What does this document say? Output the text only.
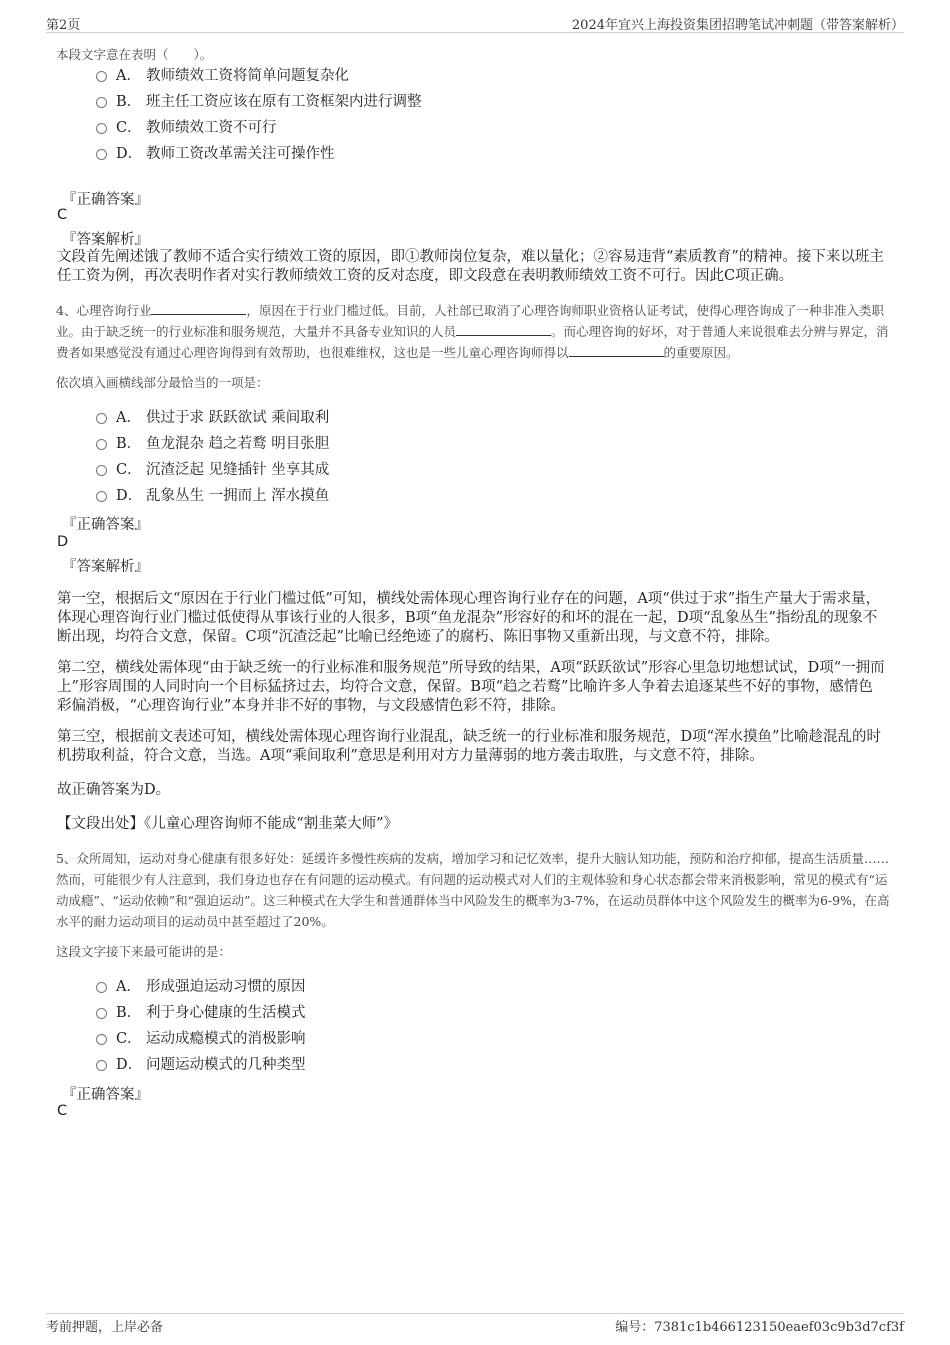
第2页	2024年宜兴上海投资集团招聘笔试冲刺题（带答案解析）
本段文字意在表明（　　）。
A． 教师绩效工资将简单问题复杂化
B． 班主任工资应该在原有工资框架内进行调整
C． 教师绩效工资不可行
D． 教师工资改革需关注可操作性
『正确答案』
C
『答案解析』
文段首先阐述饿了教师不适合实行绩效工资的原因，即①教师岗位复杂，难以量化；②容易违背“素质教育”的精神。接下来以班主任工资为例，再次表明作者对实行教师绩效工资的反对态度，即文段意在表明教师绩效工资不可行。因此C项正确。
4、心理咨询行业	，原因在于行业门槛过低。目前，人社部已取消了心理咨询师职业资格认证考试，使得心理咨询成了一种非准入类职业。由于缺乏统一的行业标准和服务规范，大量并不具备专业知识的人员	。而心理咨询的好坏，对于普通人来说很难去分辨与界定，消费者如果感觉没有通过心理咨询得到有效帮助，也很难维权，这也是一些儿童心理咨询师得以	的重要原因。
依次填入画横线部分最恰当的一项是：
A． 供过于求 跃跃欲试 乘间取利
B． 鱼龙混杂 趋之若鹜 明目张胆
C． 沉渣泛起 见缝插针 坐享其成
D． 乱象丛生 一拥而上 浑水摸鱼
『正确答案』
D
『答案解析』
第一空，根据后文“原因在于行业门槛过低”可知，横线处需体现心理咨询行业存在的问题，A项“供过于求”指生产量大于需求量，体现心理咨询行业门槛过低使得从事该行业的人很多，B项“鱼龙混杂”形容好的和坏的混在一起，D项“乱象丛生”指纷乱的现象不断出现，均符合文意，保留。C项“沉渣泛起”比喻已经绝迹了的腐朽、陈旧事物又重新出现，与文意不符，排除。
第二空，横线处需体现“由于缺乏统一的行业标准和服务规范”所导致的结果，A项“跃跃欲试”形容心里急切地想试试，D项“一拥而上”形容周围的人同时向一个目标猛挤过去，均符合文意，保留。B项“趋之若鹜”比喻许多人争着去追逐某些不好的事物，感情色彩偏消极，“心理咨询行业”本身并非不好的事物，与文段感情色彩不符，排除。
第三空，根据前文表述可知，横线处需体现心理咨询行业混乱，缺乏统一的行业标准和服务规范，D项“浑水摸鱼”比喻趁混乱的时机捞取利益，符合文意，当选。A项“乘间取利”意思是利用对方力量薄弱的地方袭击取胜，与文意不符，排除。
故正确答案为D。
【文段出处】《儿童心理咨询师不能成“割韭菜大师”》
5、众所周知，运动对身心健康有很多好处：延缓许多慢性疾病的发病，增加学习和记忆效率，提升大脑认知功能，预防和治疗抑郁，提高生活质量……然而，可能很少有人注意到，我们身边也存在有问题的运动模式。有问题的运动模式对人们的主观体验和身心状态都会带来消极影响，常见的模式有“运动成瘾”、“运动依赖”和“强迫运动”。这三种模式在大学生和普通群体当中风险发生的概率为3-7%，在运动员群体中这个风险发生的概率为6-9%，在高水平的耐力运动项目的运动员中甚至超过了20%。
这段文字接下来最可能讲的是：
A． 形成强迫运动习惯的原因
B． 利于身心健康的生活模式
C． 运动成瘾模式的消极影响
D． 问题运动模式的几种类型
『正确答案』
C
考前押题，上岸必备	编号：7381c1b466123150eaef03c9b3d7cf3f
